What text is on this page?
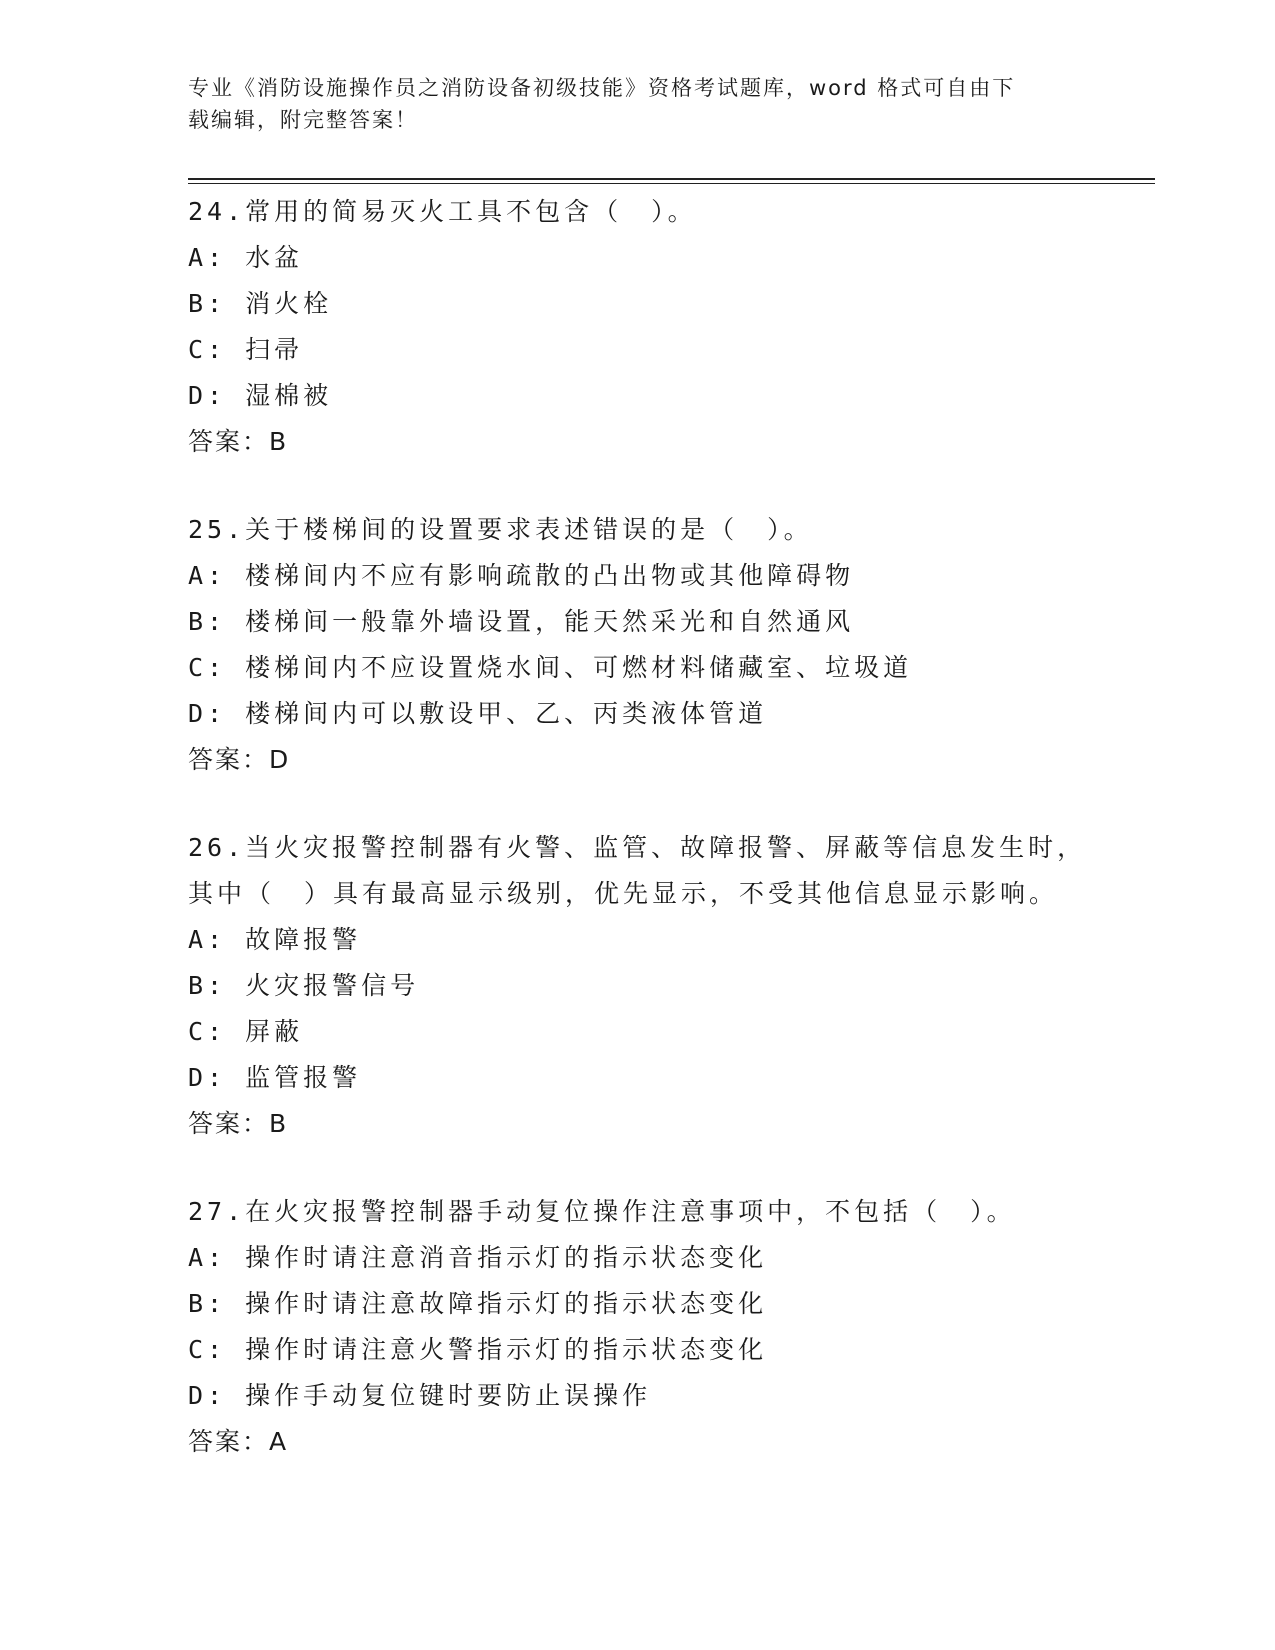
专业《消防设施操作员之消防设备初级技能》资格考试题库，word 格式可自由下
载编辑，附完整答案！
24.常用的简易灭火工具不包含（　）。
A: 水盆
B: 消火栓
C: 扫帚
D: 湿棉被
答案：B
25.关于楼梯间的设置要求表述错误的是（　）。
A: 楼梯间内不应有影响疏散的凸出物或其他障碍物
B: 楼梯间一般靠外墙设置，能天然采光和自然通风
C: 楼梯间内不应设置烧水间、可燃材料储藏室、垃圾道
D: 楼梯间内可以敷设甲、乙、丙类液体管道
答案：D
26.当火灾报警控制器有火警、监管、故障报警、屏蔽等信息发生时，
其中（　）具有最高显示级别，优先显示，不受其他信息显示影响。
A: 故障报警
B: 火灾报警信号
C: 屏蔽
D: 监管报警
答案：B
27.在火灾报警控制器手动复位操作注意事项中，不包括（　）。
A: 操作时请注意消音指示灯的指示状态变化
B: 操作时请注意故障指示灯的指示状态变化
C: 操作时请注意火警指示灯的指示状态变化
D: 操作手动复位键时要防止误操作
答案：A
